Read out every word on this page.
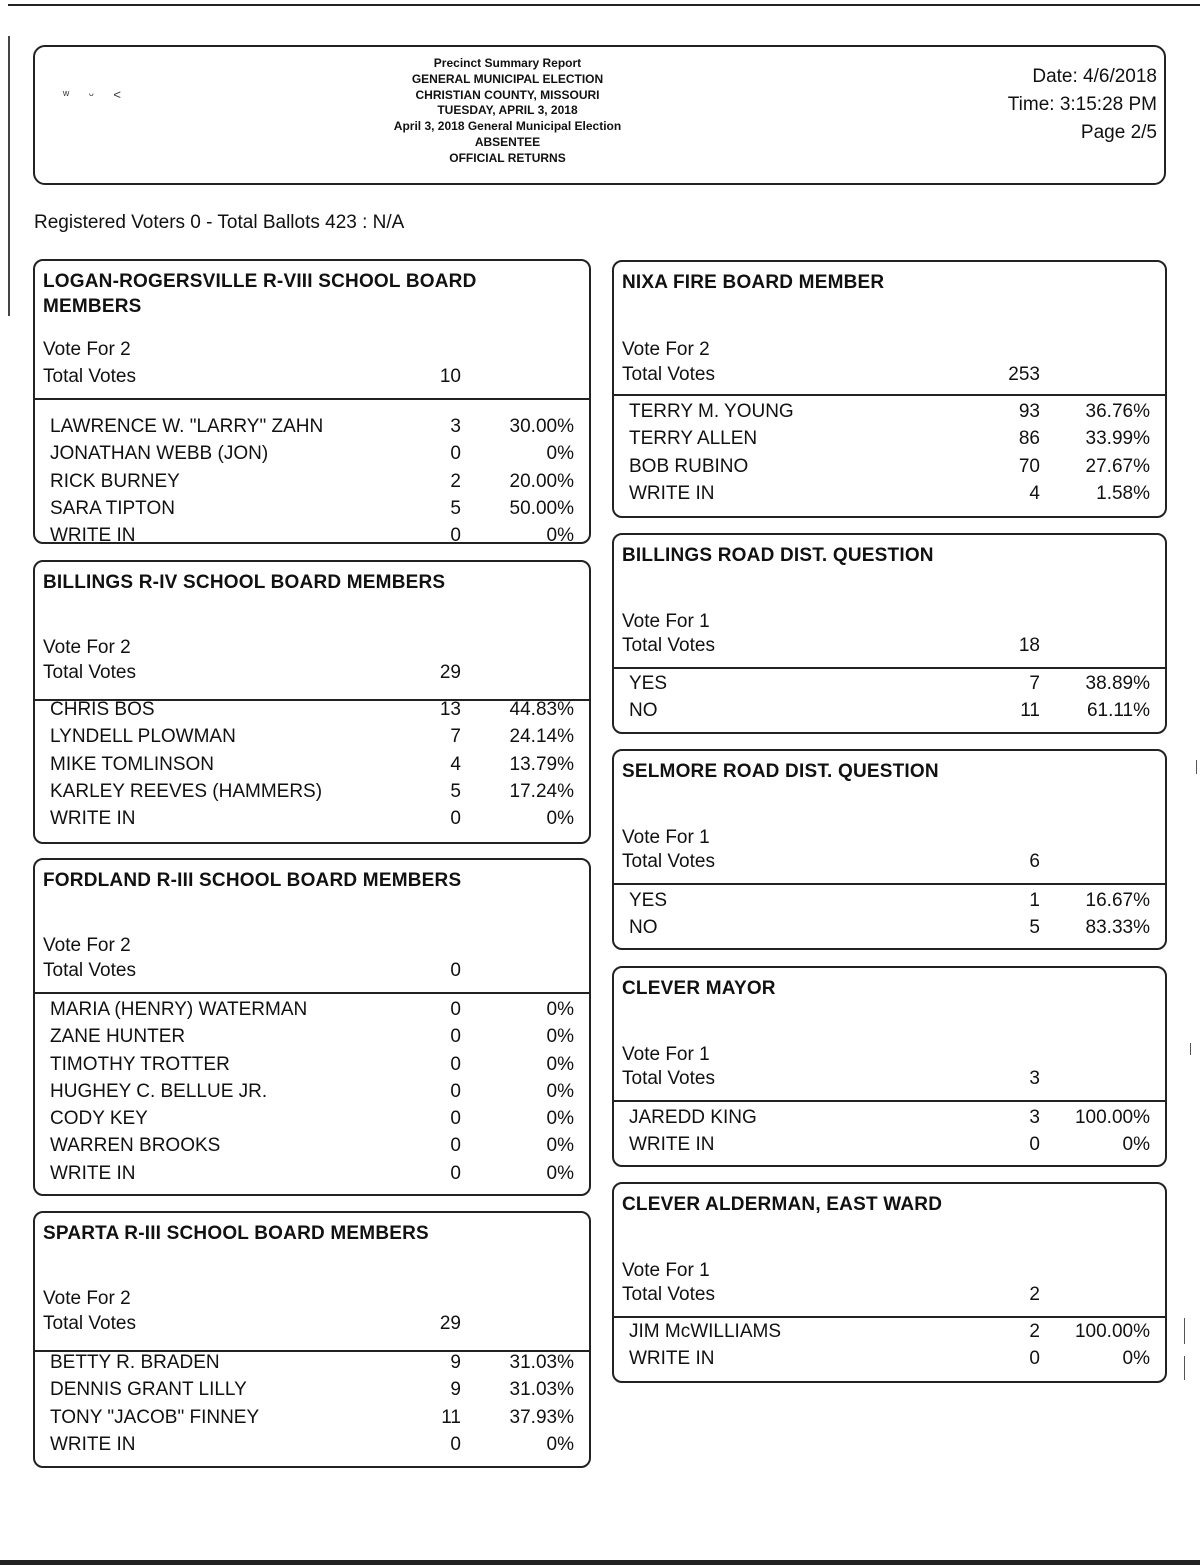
ʷ ᵕ ˂
Precinct Summary Report
GENERAL MUNICIPAL ELECTION
CHRISTIAN COUNTY, MISSOURI
TUESDAY, APRIL 3, 2018
April 3, 2018 General Municipal Election
ABSENTEE
OFFICIAL RETURNS
Date: 4/6/2018
Time: 3:15:28 PM
Page 2/5
Registered Voters 0 - Total Ballots 423 : N/A
LOGAN-ROGERSVILLE R-VIII SCHOOL BOARD MEMBERS
Vote For 2
Total Votes	10
LAWRENCE W. "LARRY" ZAHN	3	30.00%
JONATHAN WEBB (JON)	0	0%
RICK BURNEY	2	20.00%
SARA TIPTON	5	50.00%
WRITE IN	0	0%
BILLINGS R-IV SCHOOL BOARD MEMBERS
Vote For 2
Total Votes	29
CHRIS BOS	13	44.83%
LYNDELL PLOWMAN	7	24.14%
MIKE TOMLINSON	4	13.79%
KARLEY REEVES (HAMMERS)	5	17.24%
WRITE IN	0	0%
FORDLAND R-III SCHOOL BOARD MEMBERS
Vote For 2
Total Votes	0
MARIA (HENRY) WATERMAN	0	0%
ZANE HUNTER	0	0%
TIMOTHY TROTTER	0	0%
HUGHEY C. BELLUE JR.	0	0%
CODY KEY	0	0%
WARREN BROOKS	0	0%
WRITE IN	0	0%
SPARTA R-III SCHOOL BOARD MEMBERS
Vote For 2
Total Votes	29
BETTY R. BRADEN	9	31.03%
DENNIS GRANT LILLY	9	31.03%
TONY "JACOB" FINNEY	11	37.93%
WRITE IN	0	0%
NIXA FIRE BOARD MEMBER
Vote For 2
Total Votes	253
TERRY M. YOUNG	93 36.76%
TERRY ALLEN	86 33.99%
BOB RUBINO	70 27.67%
WRITE IN	4	1.58%
BILLINGS ROAD DIST. QUESTION
Vote For 1
Total Votes	18
YES	7 38.89%
NO	11 61.11%
SELMORE ROAD DIST. QUESTION
Vote For 1
Total Votes	6
YES	1 16.67%
NO	5 83.33%
CLEVER MAYOR
Vote For 1
Total Votes	3
JAREDD KING	3 100.00%
WRITE IN	0	0%
CLEVER ALDERMAN, EAST WARD
Vote For 1
Total Votes	2
JIM McWILLIAMS	2 100.00%
WRITE IN	0	0%
